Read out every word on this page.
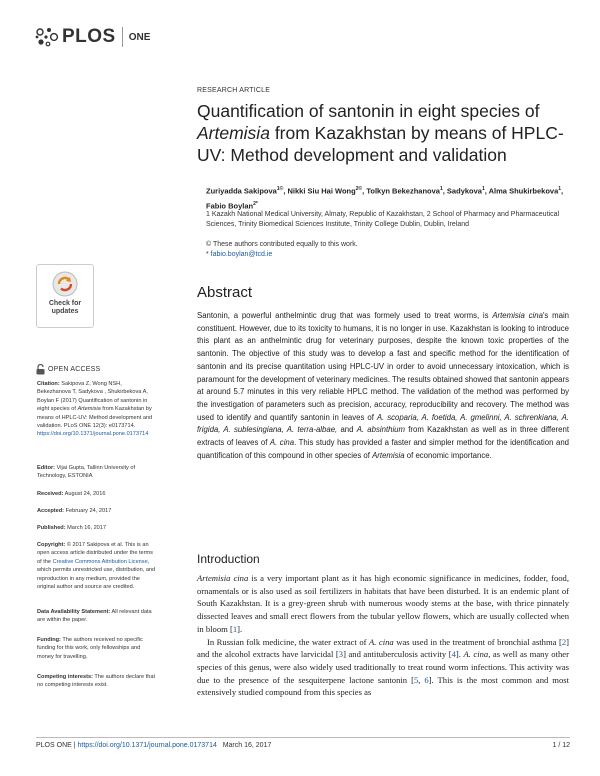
PLOS ONE
Check for
updates
OPEN ACCESS
Citation: Sakipova Z, Wong NSH, Bekezhanova T, Sadykova , Shukirbekova A, Boylan F (2017) Quantification of santonin in eight species of Artemisia from Kazakhstan by means of HPLC-UV: Method development and validation. PLoS ONE 12(3): e0173714. https://doi.org/10.1371/journal.pone.0173714
Editor: Vijai Gupta, Tallinn University of Technology, ESTONIA
Received: August 24, 2016
Accepted: February 24, 2017
Published: March 16, 2017
Copyright: © 2017 Sakipova et al. This is an open access article distributed under the terms of the Creative Commons Attribution License, which permits unrestricted use, distribution, and reproduction in any medium, provided the original author and source are credited.
Data Availability Statement: All relevant data are within the paper.
Funding: The authors received no specific funding for this work, only fellowships and money for travelling.
Competing interests: The authors declare that no competing interests exist.
RESEARCH ARTICLE
Quantification of santonin in eight species of Artemisia from Kazakhstan by means of HPLC-UV: Method development and validation
Zuriyadda Sakipova$^{1©}$, Nikki Siu Hai Wong$^{2©}$, Tolkyn Bekezhanova$^1$, Sadykova$^1$, Alma Shukirbekova$^1$, Fabio Boylan$^{2*}$
1 Kazakh National Medical University, Almaty, Republic of Kazakhstan, 2 School of Pharmacy and Pharmaceutical Sciences, Trinity Biomedical Sciences Institute, Trinity College Dublin, Dublin, Ireland
© These authors contributed equally to this work.
* fabio.boylan@tcd.ie
Abstract
Santonin, a powerful anthelmintic drug that was formely used to treat worms, is Artemisia cina's main constituent. However, due to its toxicity to humans, it is no longer in use. Kazakhstan is looking to introduce this plant as an anthelmintic drug for veterinary purposes, despite the known toxic properties of the santonin. The objective of this study was to develop a fast and specific method for the identification of santonin and its precise quantitation using HPLC-UV in order to avoid unnecessary intoxication, which is paramount for the development of veterinary medicines. The results obtained showed that santonin appears at around 5.7 minutes in this very reliable HPLC method. The validation of the method was performed by the investigation of parameters such as precision, accuracy, reproducibility and recovery. The method was used to identify and quantify santonin in leaves of A. scoparia, A. foetida, A. gmelinni, A. schrenkiana, A. frigida, A. sublesingiana, A. terra-albae, and A. absinthium from Kazakhstan as well as in three different extracts of leaves of A. cina. This study has provided a faster and simpler method for the identification and quantification of this compound in other species of Artemisia of economic importance.
Introduction

Artemisia cina is a very important plant as it has high economic significance in medicines, fodder, food, ornamentals or is also used as soil fertilizers in habitats that have been disturbed. It is an endemic plant of South Kazakhstan. It is a grey-green shrub with numerous woody stems at the base, with thrice pinnately dissected leaves and small erect flowers from the tubular yellow flowers, which are usually collected when in bloom [1].

In Russian folk medicine, the water extract of A. cina was used in the treatment of bronchial asthma [2] and the alcohol extracts have larvicidal [3] and antituberculosis activity [4]. A. cina, as well as many other species of this genus, were also widely used traditionally to treat round worm infections. This activity was due to the presence of the sesquiterpene lactone santonin [5, 6]. This is the most common and most extensively studied compound from this species as

PLOS ONE | https://doi.org/10.1371/journal.pone.0173714 March 16, 2017	1 / 12
